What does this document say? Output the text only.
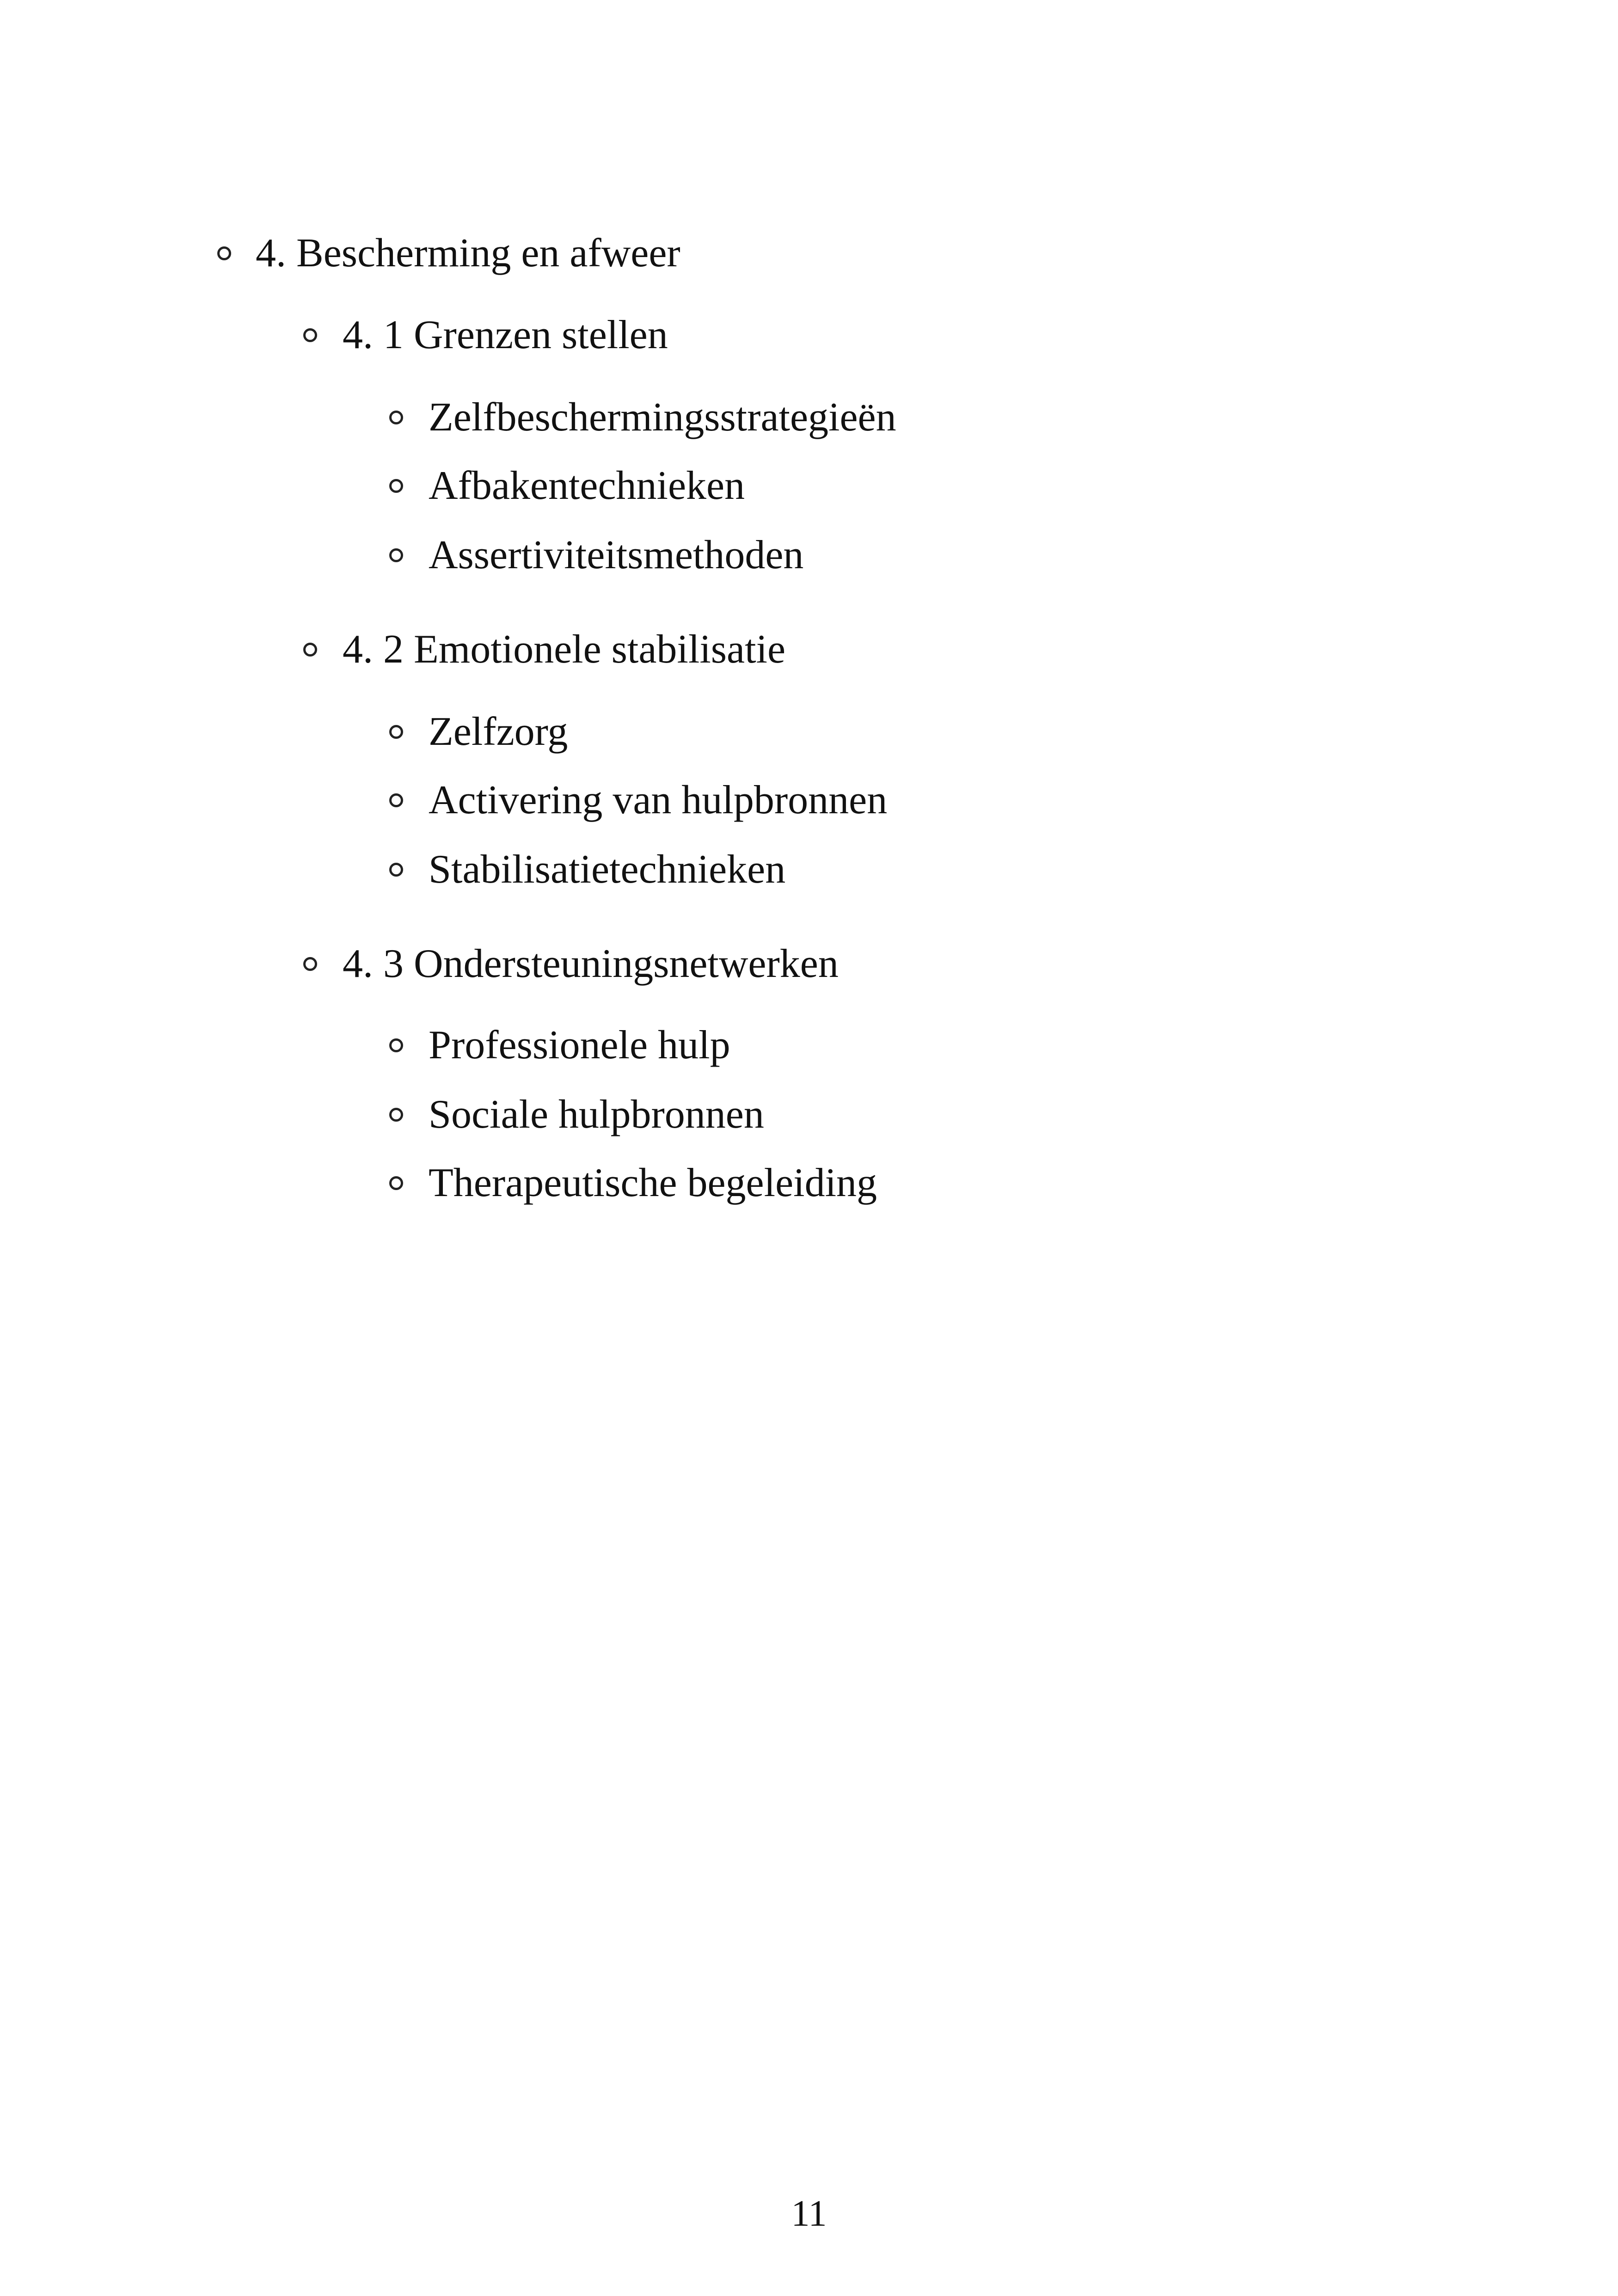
4. Bescherming en afweer
4. 1 Grenzen stellen
Zelfbeschermingsstrategieën
Afbakentechnieken
Assertiviteitsmethoden
4. 2 Emotionele stabilisatie
Zelfzorg
Activering van hulpbronnen
Stabilisatietechnieken
4. 3 Ondersteuningsnetwerken
Professionele hulp
Sociale hulpbronnen
Therapeutische begeleiding
11
